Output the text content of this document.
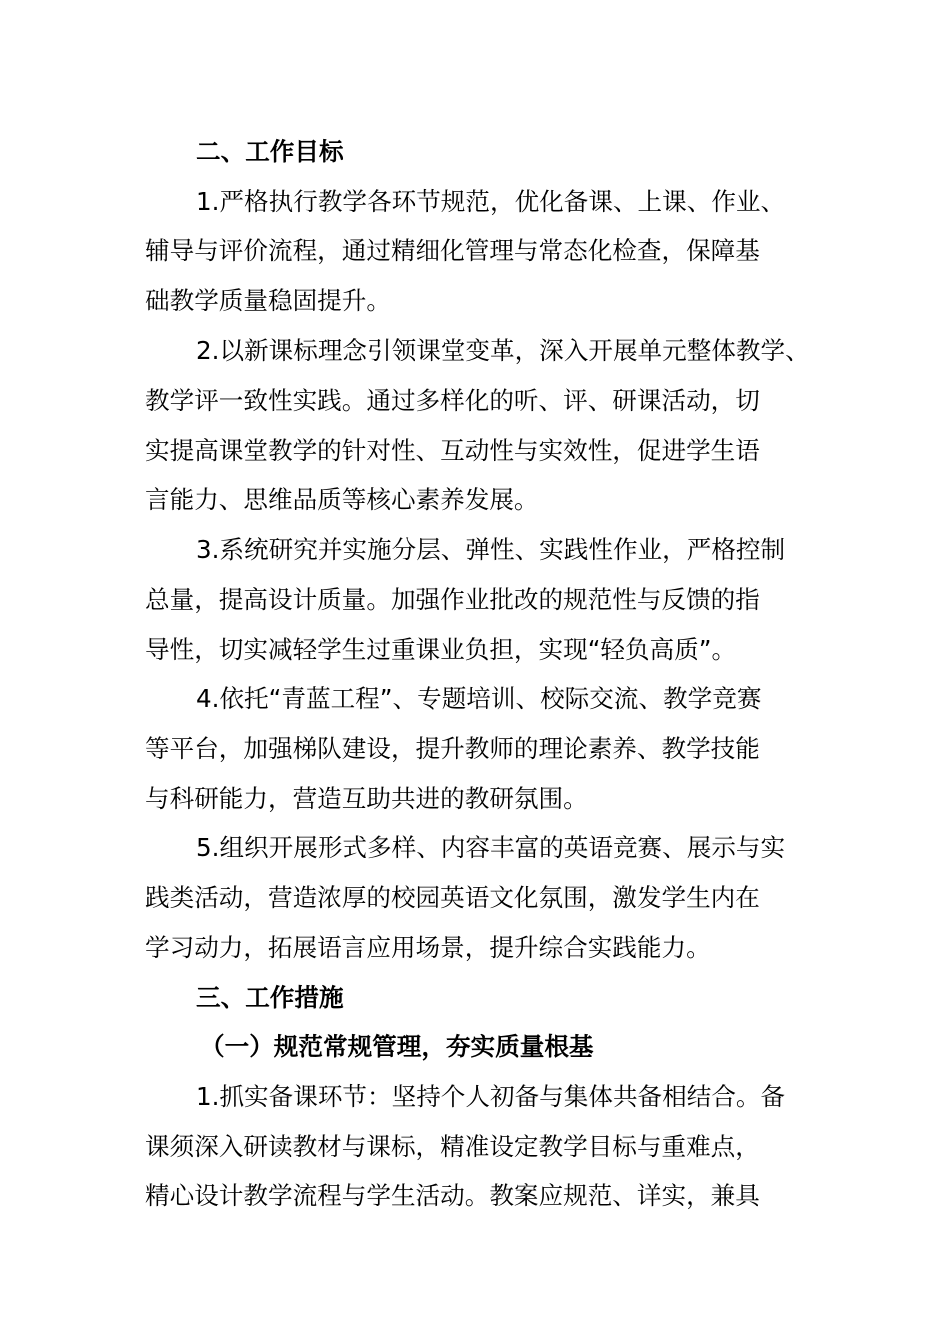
二、工作目标

1.严格执行教学各环节规范，优化备课、上课、作业、

辅导与评价流程，通过精细化管理与常态化检查，保障基

础教学质量稳固提升。

2.以新课标理念引领课堂变革，深入开展单元整体教学、

教学评一致性实践。通过多样化的听、评、研课活动，切

实提高课堂教学的针对性、互动性与实效性，促进学生语

言能力、思维品质等核心素养发展。

3.系统研究并实施分层、弹性、实践性作业，严格控制

总量，提高设计质量。加强作业批改的规范性与反馈的指

导性，切实减轻学生过重课业负担，实现“轻负高质”。

4.依托“青蓝工程”、专题培训、校际交流、教学竞赛

等平台，加强梯队建设，提升教师的理论素养、教学技能

与科研能力，营造互助共进的教研氛围。

5.组织开展形式多样、内容丰富的英语竞赛、展示与实

践类活动，营造浓厚的校园英语文化氛围，激发学生内在

学习动力，拓展语言应用场景，提升综合实践能力。

三、工作措施

（一）规范常规管理，夯实质量根基

1.抓实备课环节：坚持个人初备与集体共备相结合。备

课须深入研读教材与课标，精准设定教学目标与重难点，

精心设计教学流程与学生活动。教案应规范、详实，兼具
